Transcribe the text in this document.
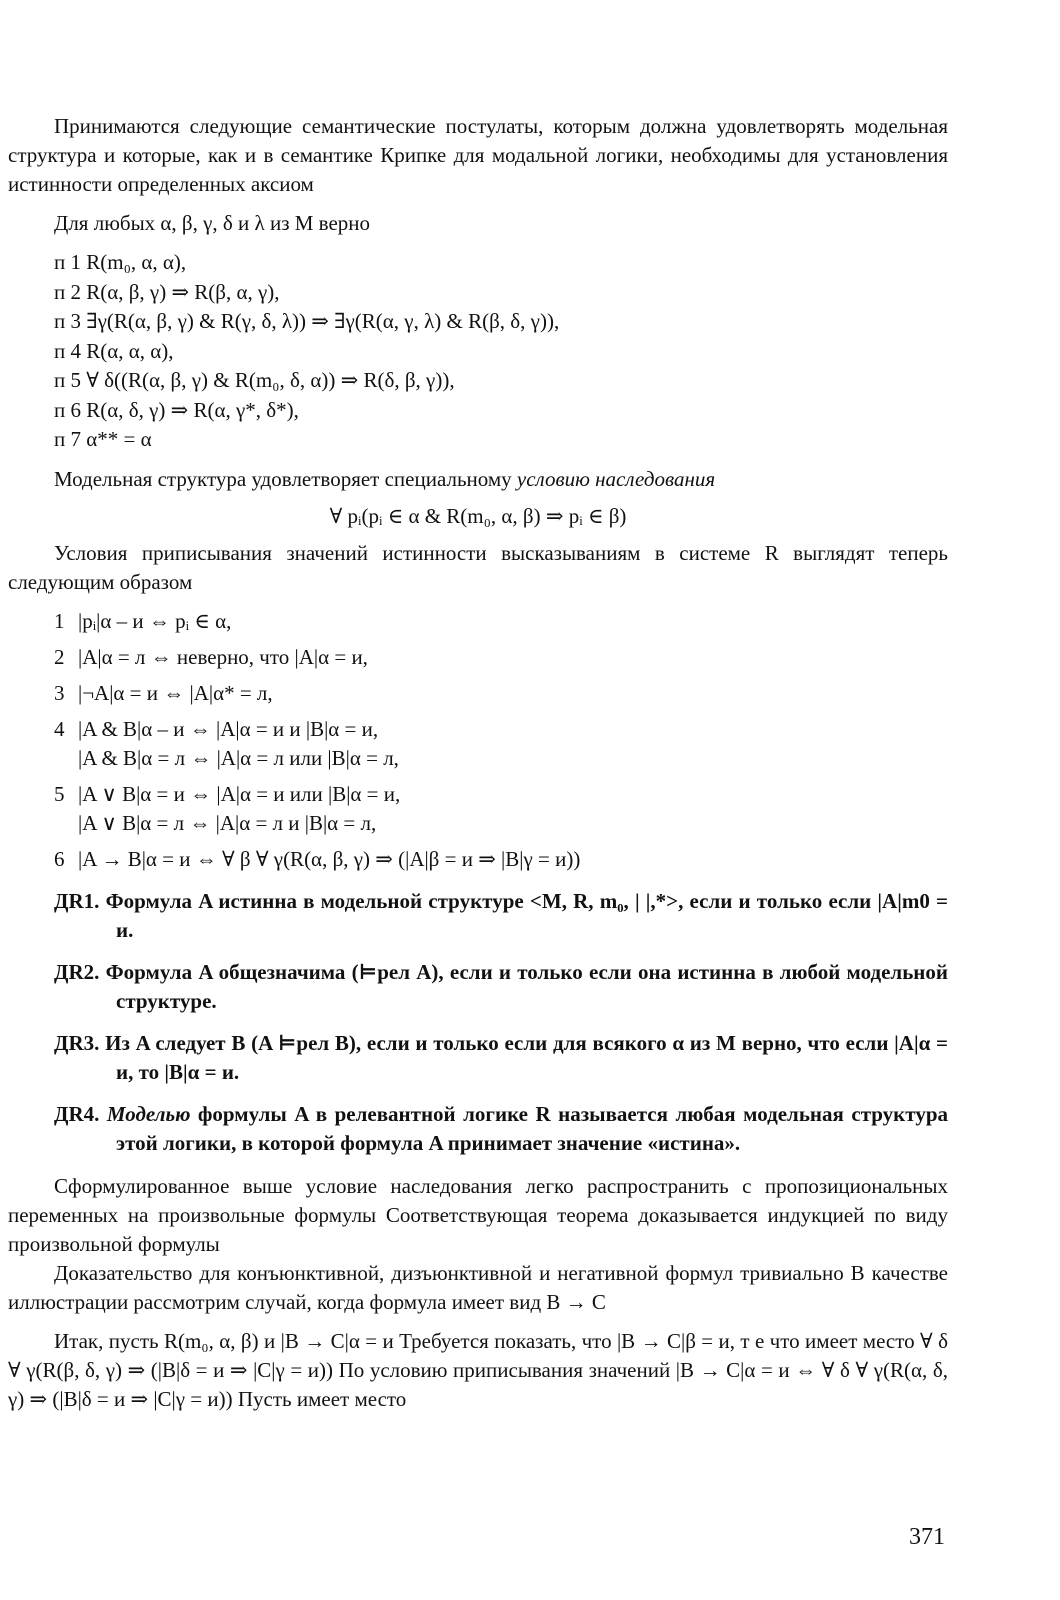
Принимаются следующие семантические постулаты, которым должна удовлетворять модельная структура и которые, как и в семантике Крипке для модальной логики, необходимы для установления истинности определенных аксиом

Для любых α, β, γ, δ и λ из M верно

п 1 R(m₀, α, α),
п 2 R(α, β, γ) ⇒ R(β, α, γ),
п 3 ∃γ(R(α, β, γ) & R(γ, δ, λ)) ⇒ ∃γ(R(α, γ, λ) & R(β, δ, γ)),
п 4 R(α, α, α),
п 5 ∀ δ((R(α, β, γ) & R(m₀, δ, α)) ⇒ R(δ, β, γ)),
п 6 R(α, δ, γ) ⇒ R(α, γ*, δ*),
п 7 α** = α

Модельная структура удовлетворяет специальному условию наследования

∀ pᵢ(pᵢ ∈ α & R(m₀, α, β) ⇒ pᵢ ∈ β)

Условия приписывания значений истинности высказываниям в системе R выглядят теперь следующим образом

1 |pᵢ|α – и ⇔ pᵢ ∈ α,
2 |A|α = л ⇔ неверно, что |A|α = и,
3 |¬A|α = и ⇔ |A|α* = л,
4 |A & B|α – и ⇔ |A|α = и и |B|α = и,
|A & B|α = л ⇔ |A|α = л или |B|α = л,
5 |A ∨ B|α = и ⇔ |A|α = и или |B|α = и,
|A ∨ B|α = л ⇔ |A|α = л и |B|α = л,
6 |A → B|α = и ⇔ ∀ β ∀ γ(R(α, β, γ) ⇒ (|A|β = и ⇒ |B|γ = и))
ДR1. Формула A истинна в модельной структуре <M, R, m₀, | |,*>, если и только если |A|m0 = и.
ДR2. Формула A общезначима (⊨рел A), если и только если она истинна в любой модельной структуре.
ДR3. Из A следует B (A ⊨рел B), если и только если для всякого α из M верно, что если |A|α = и, то |B|α = и.
ДR4. Моделью формулы A в релевантной логике R называется любая модельная структура этой логики, в которой формула A принимает значение «истина».

Сформулированное выше условие наследования легко распространить с пропозициональных переменных на произвольные формулы Соответствующая теорема доказывается индукцией по виду произвольной формулы

Доказательство для конъюнктивной, дизъюнктивной и негативной формул тривиально В качестве иллюстрации рассмотрим случай, когда формула имеет вид B → C

Итак, пусть R(m₀, α, β) и |B → C|α = и Требуется показать, что |B → C|β = и, т е что имеет место ∀ δ ∀ γ(R(β, δ, γ) ⇒ (|B|δ = и ⇒ |C|γ = и)) По условию приписывания значений |B → C|α = и ⇔ ∀ δ ∀ γ(R(α, δ, γ) ⇒ (|B|δ = и ⇒ |C|γ = и)) Пусть имеет место

371
